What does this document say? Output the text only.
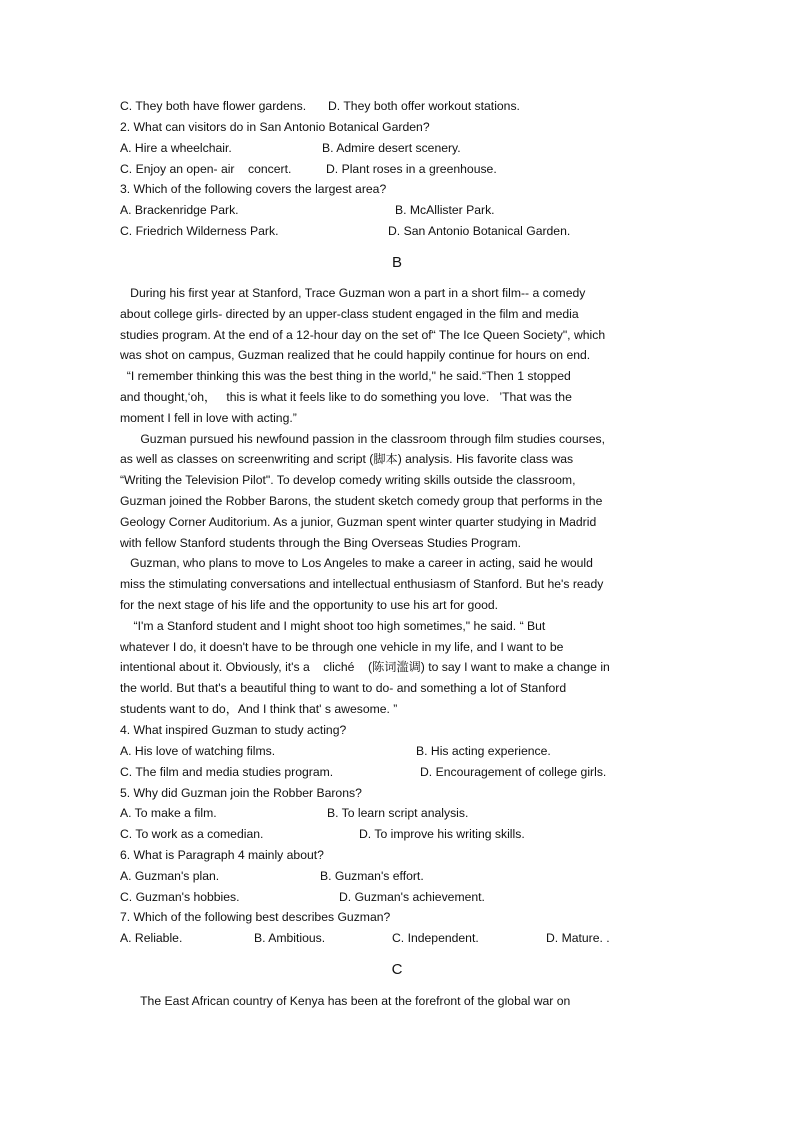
C. They both have flower gardens. D. They both offer workout stations.
2. What can visitors do in San Antonio Botanical Garden?
A. Hire a wheelchair.	B. Admire desert scenery.
C. Enjoy an open- air    concert.	D. Plant roses in a greenhouse.
3. Which of the following covers the largest area?
A. Brackenridge Park.	B. McAllister Park.
C. Friedrich Wilderness Park.	D. San Antonio Botanical Garden.
B
During his first year at Stanford, Trace Guzman won a part in a short film-- a comedy
about college girls- directed by an upper-class student engaged in the film and media
studies program. At the end of a 12-hour day on the set of“ The Ice Queen Society", which
was shot on campus, Guzman realized that he could happily continue for hours on end.
“I remember thinking this was the best thing in the world," he said.“Then 1 stopped
and thought,‘oh，   this is what it feels like to do something you love.   ’That was the
moment I fell in love with acting.”
Guzman pursued his newfound passion in the classroom through film studies courses,
as well as classes on screenwriting and script (脚本) analysis. His favorite class was
“Writing the Television Pilot". To develop comedy writing skills outside the classroom,
Guzman joined the Robber Barons, the student sketch comedy group that performs in the
Geology Corner Auditorium. As a junior, Guzman spent winter quarter studying in Madrid
with fellow Stanford students through the Bing Overseas Studies Program.
Guzman, who plans to move to Los Angeles to make a career in acting, said he would
miss the stimulating conversations and intellectual enthusiasm of Stanford. But he's ready
for the next stage of his life and the opportunity to use his art for good.
“I'm a Stanford student and I might shoot too high sometimes," he said. “ But
whatever I do, it doesn't have to be through one vehicle in my life, and I want to be
intentional about it. Obviously, it's a    cliché    (陈词滥调) to say I want to make a change in
the world. But that's a beautiful thing to want to do- and something a lot of Stanford
students want to do，And I think that' s awesome. ”
4. What inspired Guzman to study acting?
A. His love of watching films.	B. His acting experience.
C. The film and media studies program.	D. Encouragement of college girls.
5. Why did Guzman join the Robber Barons?
A. To make a film.	B. To learn script analysis.
C. To work as a comedian.	D. To improve his writing skills.
6. What is Paragraph 4 mainly about?
A. Guzman's plan.	B. Guzman's effort.
C. Guzman's hobbies.	D. Guzman's achievement.
7. Which of the following best describes Guzman?
A. Reliable.	B. Ambitious.	C. Independent.	D. Mature. .
C
The East African country of Kenya has been at the forefront of the global war on
